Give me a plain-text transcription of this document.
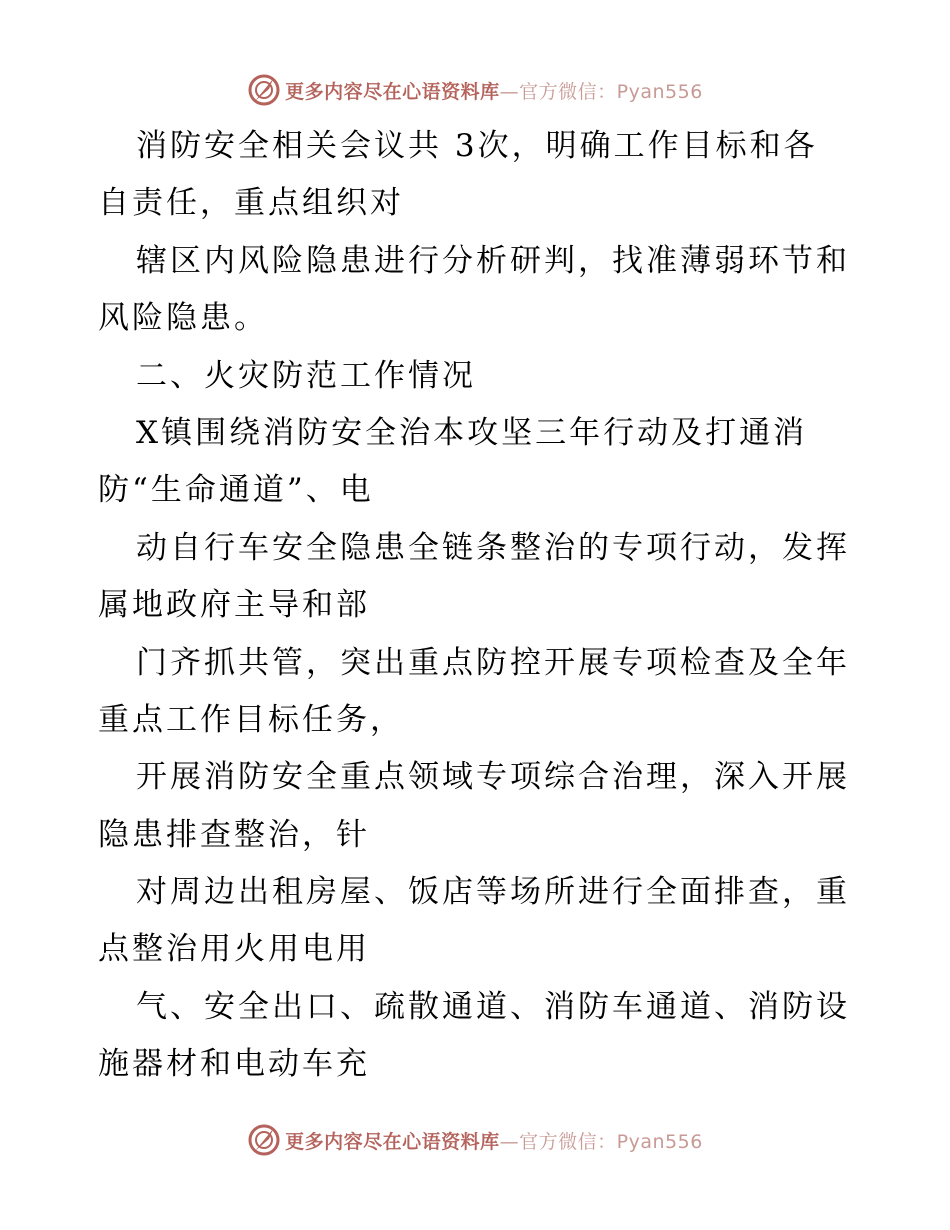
更多内容尽在心语资料库—官方微信：Pyan556
消防安全相关会议共 3次，明确工作目标和各
自责任，重点组织对
辖区内风险隐患进行分析研判，找准薄弱环节和
风险隐患。
二、火灾防范工作情况
X镇围绕消防安全治本攻坚三年行动及打通消
防“生命通道”、电
动自行车安全隐患全链条整治的专项行动，发挥
属地政府主导和部
门齐抓共管，突出重点防控开展专项检查及全年
重点工作目标任务，
开展消防安全重点领域专项综合治理，深入开展
隐患排查整治，针
对周边出租房屋、饭店等场所进行全面排查，重
点整治用火用电用
气、安全出口、疏散通道、消防车通道、消防设
施器材和电动车充
更多内容尽在心语资料库—官方微信：Pyan556
